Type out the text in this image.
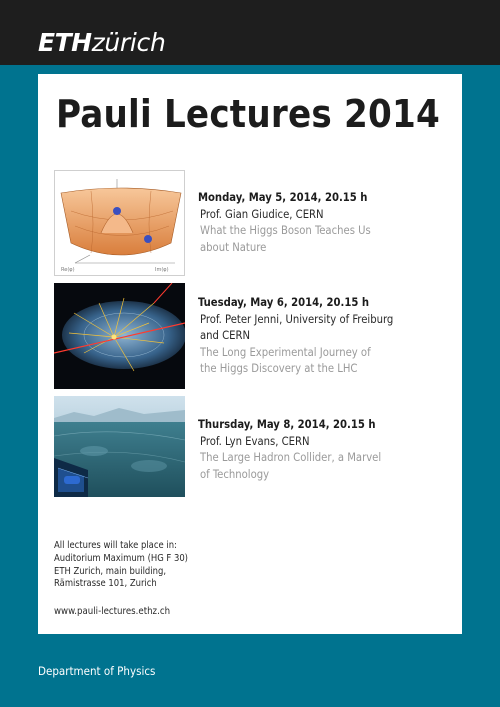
ETHzürich
Pauli Lectures 2014
Re(φ)	Im(φ)
Monday, May 5, 2014, 20.15 h
Prof. Gian Giudice, CERN
What the Higgs Boson Teaches Us
about Nature
Tuesday, May 6, 2014, 20.15 h
Prof. Peter Jenni, University of Freiburg
and CERN
The Long Experimental Journey of
the Higgs Discovery at the LHC
Thursday, May 8, 2014, 20.15 h
Prof. Lyn Evans, CERN
The Large Hadron Collider, a Marvel
of Technology
All lectures will take place in:
Auditorium Maximum (HG F 30)
ETH Zurich, main building,
Rämistrasse 101, Zurich
www.pauli-lectures.ethz.ch
Department of Physics
